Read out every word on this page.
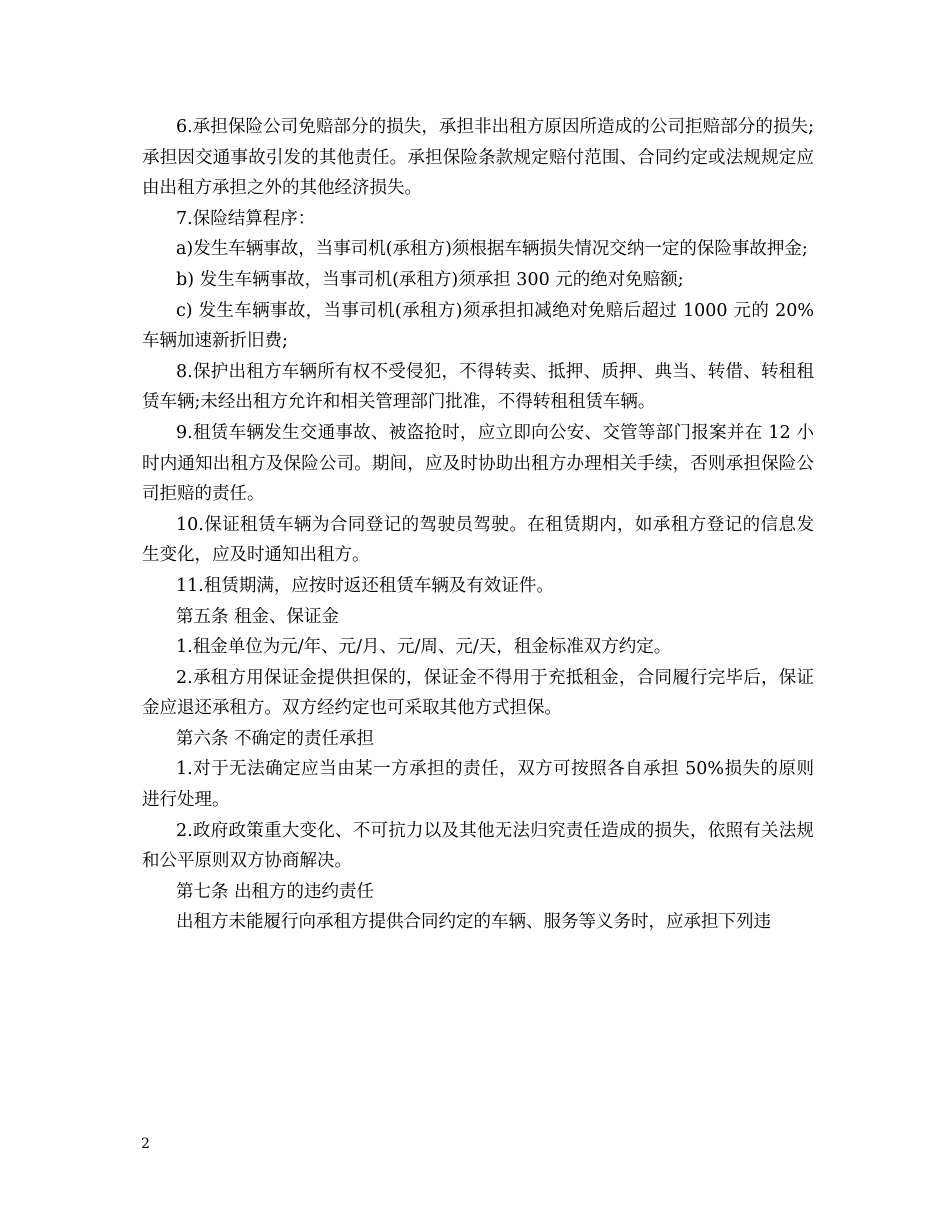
6.承担保险公司免赔部分的损失，承担非出租方原因所造成的公司拒赔部分的损失;承担因交通事故引发的其他责任。承担保险条款规定赔付范围、合同约定或法规规定应由出租方承担之外的其他经济损失。

7.保险结算程序：

a)发生车辆事故，当事司机(承租方)须根据车辆损失情况交纳一定的保险事故押金;

b) 发生车辆事故，当事司机(承租方)须承担 300 元的绝对免赔额;

c) 发生车辆事故，当事司机(承租方)须承担扣减绝对免赔后超过 1000 元的 20%车辆加速新折旧费;

8.保护出租方车辆所有权不受侵犯，不得转卖、抵押、质押、典当、转借、转租租赁车辆;未经出租方允许和相关管理部门批准，不得转租租赁车辆。

9.租赁车辆发生交通事故、被盗抢时，应立即向公安、交管等部门报案并在 12 小时内通知出租方及保险公司。期间，应及时协助出租方办理相关手续，否则承担保险公司拒赔的责任。

10.保证租赁车辆为合同登记的驾驶员驾驶。在租赁期内，如承租方登记的信息发生变化，应及时通知出租方。

11.租赁期满，应按时返还租赁车辆及有效证件。

第五条 租金、保证金

1.租金单位为元/年、元/月、元/周、元/天，租金标准双方约定。

2.承租方用保证金提供担保的，保证金不得用于充抵租金，合同履行完毕后，保证金应退还承租方。双方经约定也可采取其他方式担保。

第六条 不确定的责任承担

1.对于无法确定应当由某一方承担的责任，双方可按照各自承担 50%损失的原则进行处理。

2.政府政策重大变化、不可抗力以及其他无法归究责任造成的损失，依照有关法规和公平原则双方协商解决。

第七条 出租方的违约责任

出租方未能履行向承租方提供合同约定的车辆、服务等义务时，应承担下列违

2
